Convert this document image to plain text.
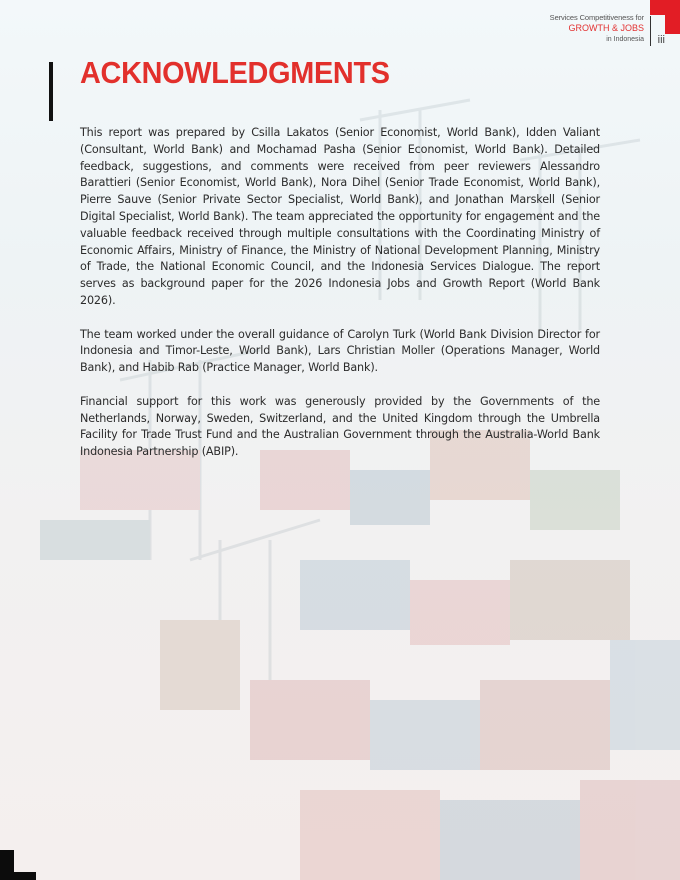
Services Competitiveness for
GROWTH & JOBS
in Indonesia iii
ACKNOWLEDGMENTS

This report was prepared by Csilla Lakatos (Senior Economist, World Bank), Idden Valiant (Consultant, World Bank) and Mochamad Pasha (Senior Economist, World Bank). Detailed feedback, suggestions, and comments were received from peer reviewers Alessandro Barattieri (Senior Economist, World Bank), Nora Dihel (Senior Trade Economist, World Bank), Pierre Sauve (Senior Private Sector Specialist, World Bank), and Jonathan Marskell (Senior Digital Specialist, World Bank). The team appreciated the opportunity for engagement and the valuable feedback received through multiple consultations with the Coordinating Ministry of Economic Affairs, Ministry of Finance, the Ministry of National Development Planning, Ministry of Trade, the National Economic Council, and the Indonesia Services Dialogue. The report serves as background paper for the 2026 Indonesia Jobs and Growth Report (World Bank 2026).

The team worked under the overall guidance of Carolyn Turk (World Bank Division Director for Indonesia and Timor-Leste, World Bank), Lars Christian Moller (Operations Manager, World Bank), and Habib Rab (Practice Manager, World Bank).

Financial support for this work was generously provided by the Governments of the Netherlands, Norway, Sweden, Switzerland, and the United Kingdom through the Umbrella Facility for Trade Trust Fund and the Australian Government through the Australia-World Bank Indonesia Partnership (ABIP).
